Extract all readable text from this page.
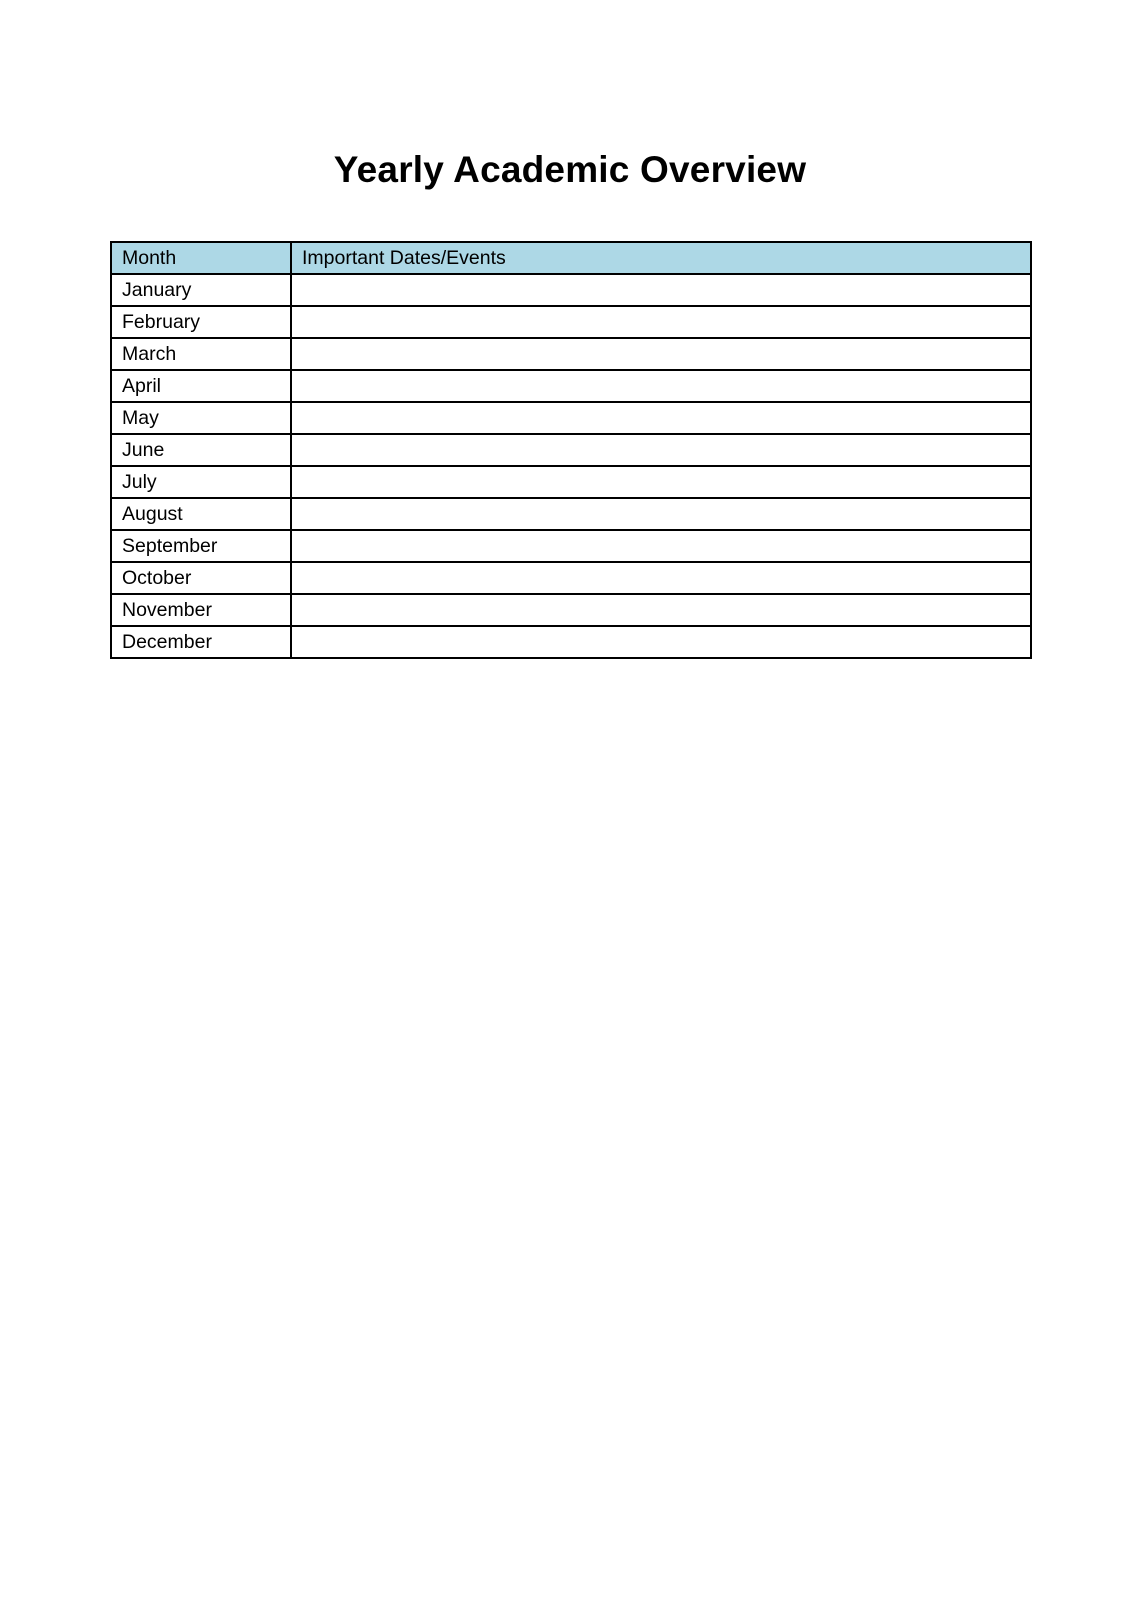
Yearly Academic Overview
Month	Important Dates/Events
January	
February	
March	
April	
May	
June	
July	
August	
September	
October	
November	
December	
